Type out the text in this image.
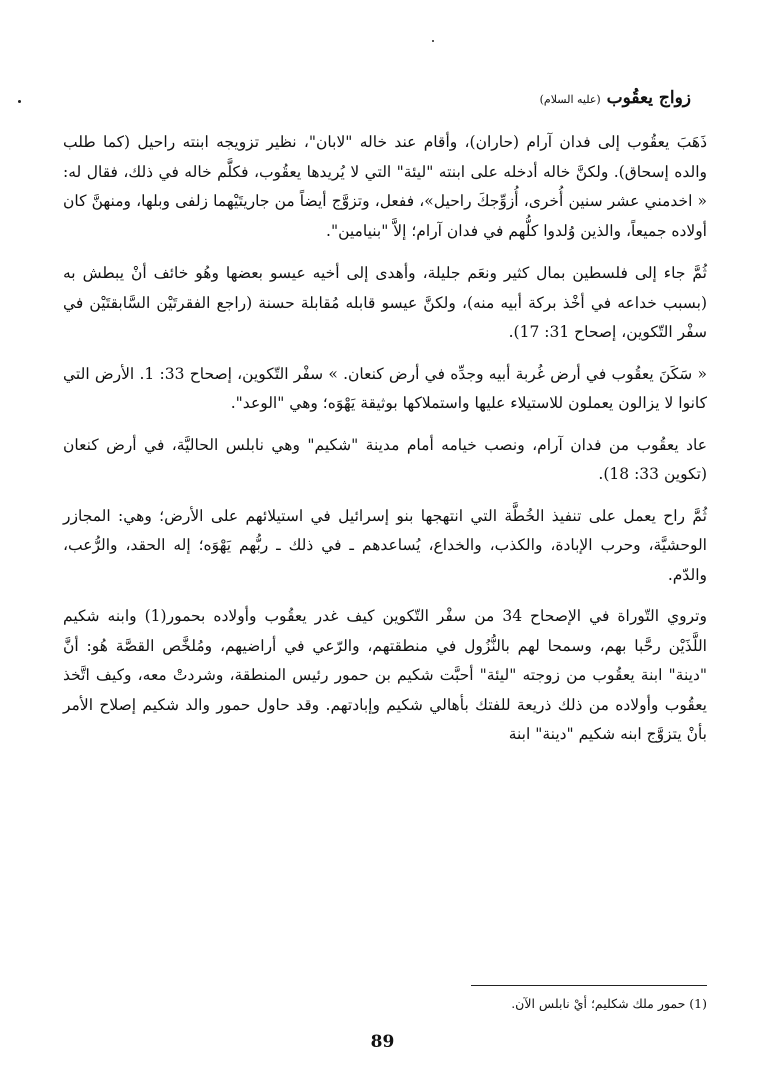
زواج يعقُوب (عليه السلام)

ذَهَبَ يعقُوب إلى فدان آرام (حاران)، وأقام عند خاله "لابان"، نظير تزويجه ابنته راحيل (كما طلب والده إسحاق). ولكنَّ خاله أدخله على ابنته "ليئة" التي لا يُريدها يعقُوب، فكلَّم خاله في ذلك، فقال له: « اخدمني عشر سنين أُخرى، أُزوِّجكَ راحيل»، ففعل، وتزوَّج أيضاً من جاريتَيْهما زلفى وبلها، ومنهنَّ كان أولاده جميعاً، والذين وُلدوا كلُّهم في فدان آرام؛ إلاَّ "بنيامين".

ثُمَّ جاء إلى فلسطين بمال كثير ونعَم جليلة، وأهدى إلى أخيه عيسو بعضها وهُو خائف أنْ يبطش به (بسبب خداعه في أخْذ بركة أبيه منه)، ولكنَّ عيسو قابله مُقابلة حسنة (راجع الفقرتَيْن السَّابقتَيْن في سفْر التّكوين، إصحاح 31: 17).

« سَكَنَ يعقُوب في أرض غُربة أبيه وجدِّه في أرض كنعان. » سفْر التّكوين، إصحاح 33: 1. الأرض التي كانوا لا يزالون يعملون للاستيلاء عليها واستملاكها بوثيقة يَهْوَه؛ وهي "الوعد".

عاد يعقُوب من فدان آرام، ونصب خيامه أمام مدينة "شكيم" وهي نابلس الحاليَّة، في أرض كنعان (تكوين 33: 18).

ثُمَّ راح يعمل على تنفيذ الخُطَّة التي انتهجها بنو إسرائيل في استيلائهم على الأرض؛ وهي: المجازر الوحشيَّة، وحرب الإبادة، والكذب، والخداع، يُساعدهم ـ في ذلك ـ ربُّهم يَهْوَه؛ إله الحقد، والرُّعب، والدّم.

وتروي التّوراة في الإصحاح 34 من سفْر التّكوين كيف غدر يعقُوب وأولاده بحمور(1) وابنه شكيم اللَّذَيْن رحَّبا بهم، وسمحا لهم بالنُّزُول في منطقتهم، والرّعي في أراضيهم، ومُلخَّص القصَّة هُو: أنَّ "دينة" ابنة يعقُوب من زوجته "ليئة" أحبَّت شكيم بن حمور رئيس المنطقة، وشردتْ معه، وكيف اتَّخذ يعقُوب وأولاده من ذلك ذريعة للفتك بأهالي شكيم وإبادتهم. وقد حاول حمور والد شكيم إصلاح الأمر بأنْ يتزوَّج ابنه شكيم "دينة" ابنة

(1) حمور ملك شكليم؛ أيْ نابلس الآن.
89
